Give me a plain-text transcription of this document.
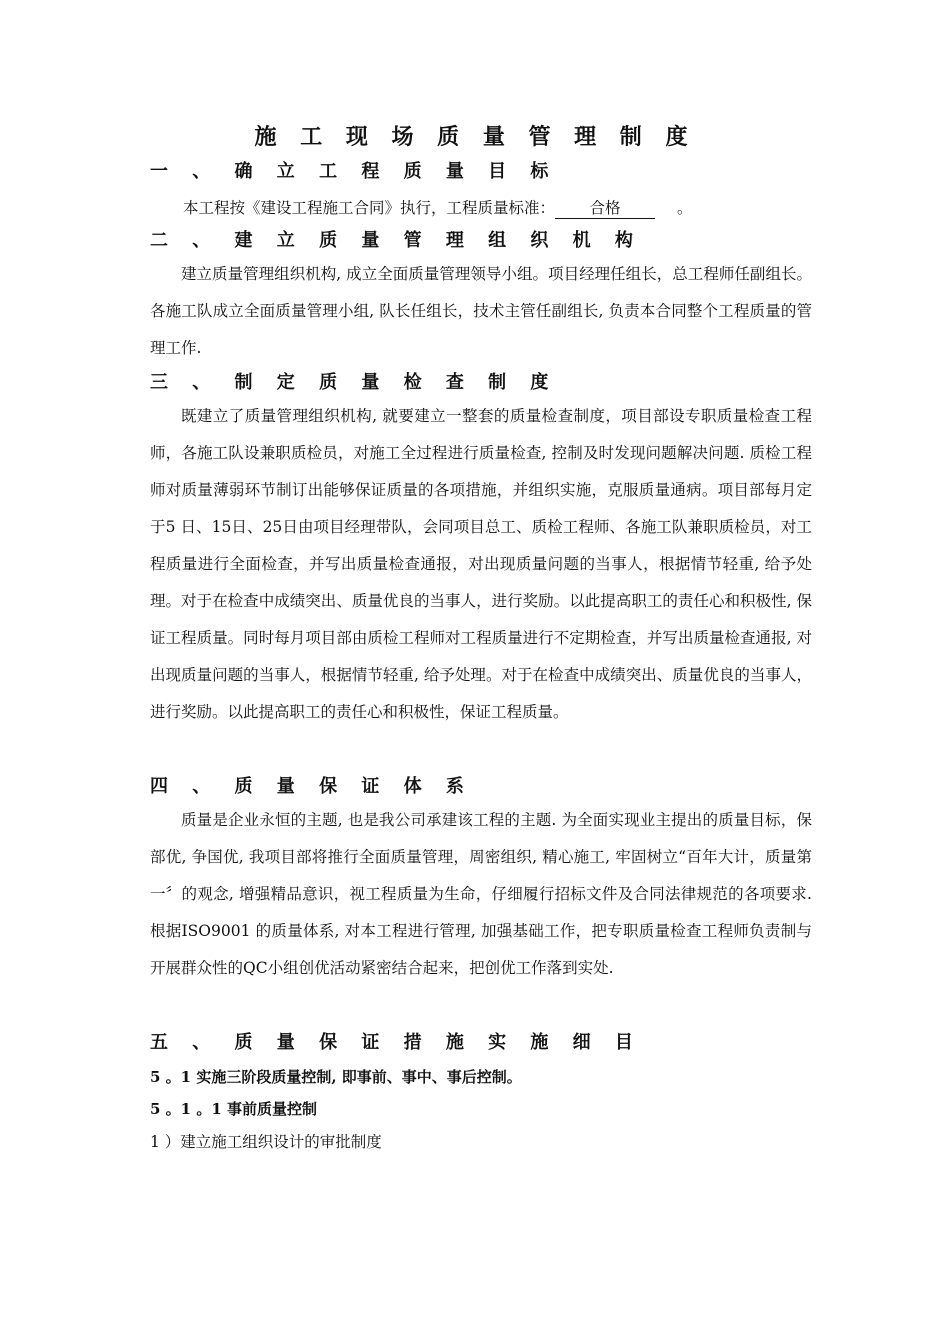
施 工 现 场 质 量 管 理 制 度
一 、 确 立 工 程 质 量 目 标
本工程按《建设工程施工合同》执行，工程质量标准： 合格	。
二 、 建 立 质 量 管 理 组 织 机 构
建立质量管理组织机构, 成立全面质量管理领导小组。项目经理任组长，总工程师任副组长。各施工队成立全面质量管理小组, 队长任组长，技术主管任副组长, 负责本合同整个工程质量的管理工作.
三 、 制 定 质 量 检 查 制 度
既建立了质量管理组织机构, 就要建立一整套的质量检查制度，项目部设专职质量检查工程师，各施工队设兼职质检员，对施工全过程进行质量检查, 控制及时发现问题解决问题. 质检工程师对质量薄弱环节制订出能够保证质量的各项措施，并组织实施，克服质量通病。项目部每月定于5 日、15日、25日由项目经理带队，会同项目总工、质检工程师、各施工队兼职质检员，对工程质量进行全面检查，并写出质量检查通报，对出现质量问题的当事人，根据情节轻重, 给予处理。对于在检查中成绩突出、质量优良的当事人，进行奖励。以此提高职工的责任心和积极性, 保证工程质量。同时每月项目部由质检工程师对工程质量进行不定期检查，并写出质量检查通报, 对出现质量问题的当事人，根据情节轻重, 给予处理。对于在检查中成绩突出、质量优良的当事人，进行奖励。以此提高职工的责任心和积极性，保证工程质量。
四 、 质 量 保 证 体 系
质量是企业永恒的主题, 也是我公司承建该工程的主题. 为全面实现业主提出的质量目标，保部优, 争国优, 我项目部将推行全面质量管理，周密组织, 精心施工, 牢固树立“百年大计，质量第一〞的观念, 增强精品意识，视工程质量为生命，仔细履行招标文件及合同法律规范的各项要求. 根据ISO9001 的质量体系, 对本工程进行管理, 加强基础工作，把专职质量检查工程师负责制与开展群众性的QC小组创优活动紧密结合起来，把创优工作落到实处.
五 、 质 量 保 证 措 施 实 施 细 目
5 。1 实施三阶段质量控制, 即事前、事中、事后控制。
5 。1 。1 事前质量控制
1 ）建立施工组织设计的审批制度
